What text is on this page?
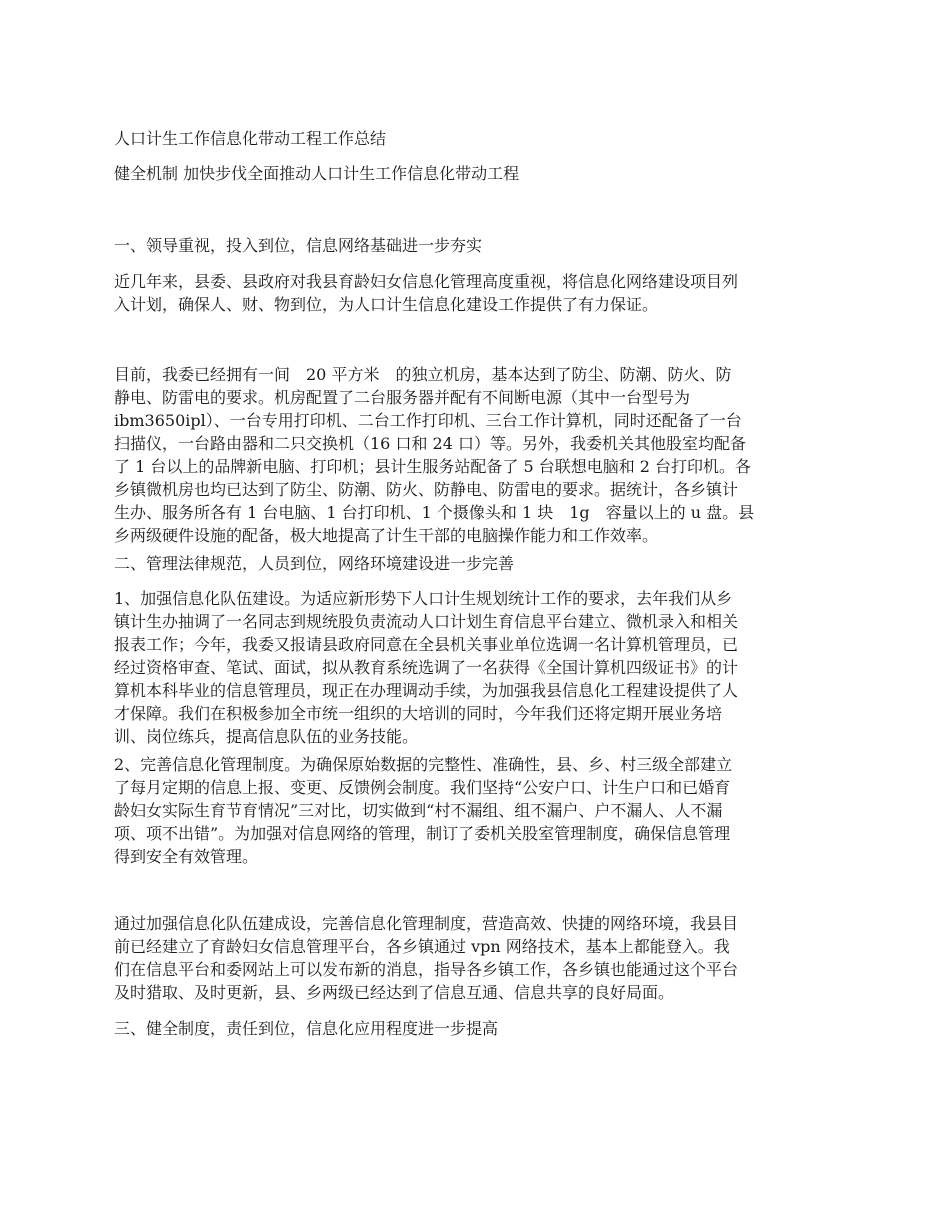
人口计生工作信息化带动工程工作总结

健全机制 加快步伐全面推动人口计生工作信息化带动工程

一、领导重视，投入到位，信息网络基础进一步夯实

近几年来，县委、县政府对我县育龄妇女信息化管理高度重视，将信息化网络建设项目列
入计划，确保人、财、物到位，为人口计生信息化建设工作提供了有力保证。

目前，我委已经拥有一间　20 平方米　的独立机房，基本达到了防尘、防潮、防火、防
静电、防雷电的要求。机房配置了二台服务器并配有不间断电源（其中一台型号为
ibm3650ipl）、一台专用打印机、二台工作打印机、三台工作计算机，同时还配备了一台
扫描仪，一台路由器和二只交换机（16 口和 24 口）等。另外，我委机关其他股室均配备
了 1 台以上的品牌新电脑、打印机；县计生服务站配备了 5 台联想电脑和 2 台打印机。各
乡镇微机房也均已达到了防尘、防潮、防火、防静电、防雷电的要求。据统计，各乡镇计
生办、服务所各有 1 台电脑、1 台打印机、1 个摄像头和 1 块　1g　容量以上的 u 盘。县
乡两级硬件设施的配备，极大地提高了计生干部的电脑操作能力和工作效率。

二、管理法律规范，人员到位，网络环境建设进一步完善

1、加强信息化队伍建设。为适应新形势下人口计生规划统计工作的要求，去年我们从乡
镇计生办抽调了一名同志到规统股负责流动人口计划生育信息平台建立、微机录入和相关
报表工作；今年，我委又报请县政府同意在全县机关事业单位选调一名计算机管理员，已
经过资格审查、笔试、面试，拟从教育系统选调了一名获得《全国计算机四级证书》的计
算机本科毕业的信息管理员，现正在办理调动手续，为加强我县信息化工程建设提供了人
才保障。我们在积极参加全市统一组织的大培训的同时，今年我们还将定期开展业务培
训、岗位练兵，提高信息队伍的业务技能。

2、完善信息化管理制度。为确保原始数据的完整性、准确性，县、乡、村三级全部建立
了每月定期的信息上报、变更、反馈例会制度。我们坚持“公安户口、计生户口和已婚育
龄妇女实际生育节育情况”三对比，切实做到“村不漏组、组不漏户、户不漏人、人不漏
项、项不出错”。为加强对信息网络的管理，制订了委机关股室管理制度，确保信息管理
得到安全有效管理。

通过加强信息化队伍建成设，完善信息化管理制度，营造高效、快捷的网络环境，我县目
前已经建立了育龄妇女信息管理平台，各乡镇通过 vpn 网络技术，基本上都能登入。我
们在信息平台和委网站上可以发布新的消息，指导各乡镇工作，各乡镇也能通过这个平台
及时猎取、及时更新，县、乡两级已经达到了信息互通、信息共享的良好局面。

三、健全制度，责任到位，信息化应用程度进一步提高
